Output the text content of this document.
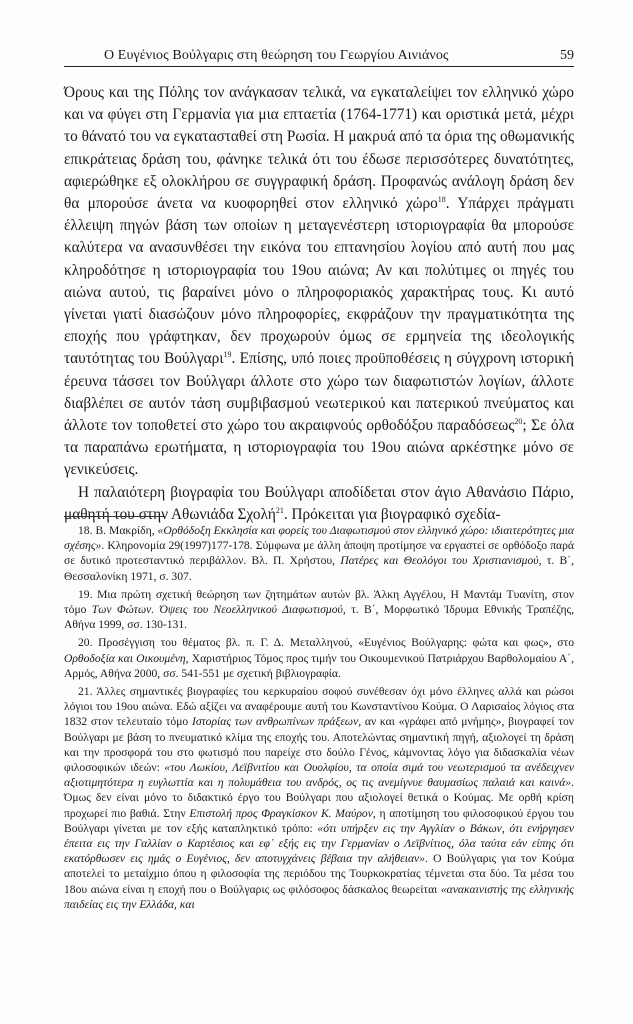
Ο Ευγένιος Βούλγαρις στη θεώρηση του Γεωργίου Αινιάνος	59

Όρους και της Πόλης τον ανάγκασαν τελικά, να εγκαταλείψει τον ελληνικό χώρο και να φύγει στη Γερμανία για μια επταετία (1764-1771) και οριστικά μετά, μέχρι το θάνατό του να εγκατασταθεί στη Ρωσία. Η μακρυά από τα όρια της οθωμανικής επικράτειας δράση του, φάνηκε τελικά ότι του έδωσε περισσότερες δυνατότητες, αφιερώθηκε εξ ολοκλήρου σε συγγραφική δράση. Προφανώς ανάλογη δράση δεν θα μπορούσε άνετα να κυοφορηθεί στον ελληνικό χώρο$^{18}$. Υπάρχει πράγματι έλλειψη πηγών βάση των οποίων η μεταγενέστερη ιστοριογραφία θα μπορούσε καλύτερα να ανασυνθέσει την εικόνα του επτανησίου λογίου από αυτή που μας κληροδότησε η ιστοριογραφία του 19ου αιώνα; Αν και πολύτιμες οι πηγές του αιώνα αυτού, τις βαραίνει μόνο ο πληροφοριακός χαρακτήρας τους. Κι αυτό γίνεται γιατί διασώζουν μόνο πληροφορίες, εκφράζουν την πραγματικότητα της εποχής που γράφτηκαν, δεν προχωρούν όμως σε ερμηνεία της ιδεολογικής ταυτότητας του Βούλγαρι$^{19}$. Επίσης, υπό ποιες προϋποθέσεις η σύγχρονη ιστορική έρευνα τάσσει τον Βούλγαρι άλλοτε στο χώρο των διαφωτιστών λογίων, άλλοτε διαβλέπει σε αυτόν τάση συμβιβασμού νεωτερικού και πατερικού πνεύματος και άλλοτε τον τοποθετεί στο χώρο του ακραιφνούς ορθοδόξου παραδόσεως$^{20}$; Σε όλα τα παραπάνω ερωτήματα, η ιστοριογραφία του 19ου αιώνα αρκέστηκε μόνο σε γενικεύσεις.

Η παλαιότερη βιογραφία του Βούλγαρι αποδίδεται στον άγιο Αθανάσιο Πάριο, μαθητή του στην Αθωνιάδα Σχολή$^{21}$. Πρόκειται για βιογραφικό σχεδία-

18. Β. Μακρίδη, «Ορθόδοξη Εκκλησία και φορείς του Διαφωτισμού στον ελληνικό χώρο: ιδιαιτερότητες μια σχέσης». Κληρονομία 29(1997)177-178. Σύμφωνα με άλλη άποψη προτίμησε να εργαστεί σε ορθόδοξο παρά σε δυτικό προτεσταντικό περιβάλλον. Βλ. Π. Χρήστου, Πατέρες και Θεολόγοι του Χριστιανισμού, τ. Β΄, Θεσσαλονίκη 1971, σ. 307.

19. Μια πρώτη σχετική θεώρηση των ζητημάτων αυτών βλ. Άλκη Αγγέλου, Η Μαντάμ Τυανίτη, στον τόμο Των Φώτων. Όψεις του Νεοελληνικού Διαφωτισμού, τ. Β΄, Μορφωτικό Ίδρυμα Εθνικής Τραπέζης, Αθήνα 1999, σσ. 130-131.

20. Προσέγγιση του θέματος βλ. π. Γ. Δ. Μεταλληνού, «Ευγένιος Βούλγαρης: φώτα και φως», στο Ορθοδοξία και Οικουμένη, Χαριστήριος Τόμος προς τιμήν του Οικουμενικού Πατριάρχου Βαρθολομαίου Α΄, Αρμός, Αθήνα 2000, σσ. 541-551 με σχετική βιβλιογραφία.

21. Άλλες σημαντικές βιογραφίες του κερκυραίου σοφού συνέθεσαν όχι μόνο έλληνες αλλά και ρώσοι λόγιοι του 19ου αιώνα. Εδώ αξίζει να αναφέρουμε αυτή του Κωνσταντίνου Κούμα. Ο Λαρισαίος λόγιος στα 1832 στον τελευταίο τόμο Ιστορίας των ανθρωπίνων πράξεων, αν και «γράφει από μνήμης», βιογραφεί τον Βούλγαρι με βάση το πνευματικό κλίμα της εποχής του. Αποτελώντας σημαντική πηγή, αξιολογεί τη δράση και την προσφορά του στο φωτισμό που παρείχε στο δούλο Γένος, κάμνοντας λόγο για διδασκαλία νέων φιλοσοφικών ιδεών: «του Λωκίου, Λεϊβνιτίου και Ουολφίου, τα οποία σιμά του νεωτερισμού τα ανέδειχνεν αξιοτιμητότερα η ευγλωττία και η πολυμάθεια του ανδρός, ος τις ανεμίγνυε θαυμασίως παλαιά και καινά». Όμως δεν είναι μόνο το διδακτικό έργο του Βούλγαρι που αξιολογεί θετικά ο Κούμας. Με ορθή κρίση προχωρεί πιο βαθιά. Στην Επιστολή προς Φραγκίσκον Κ. Μαύρον, η αποτίμηση του φιλοσοφικού έργου του Βούλγαρι γίνεται με τον εξής καταπληκτικό τρόπο: «ότι υπήρξεν εις την Αγγλίαν ο Βάκων, ότι ενήργησεν έπειτα εις την Γαλλίαν ο Καρτέσιος και εφ᾽ εξής εις την Γερμανίαν ο Λεϊβνίτιος, όλα ταύτα εάν είπης ότι εκατόρθωσεν εις ημάς ο Ευγένιος, δεν αποτυγχάνεις βέβαια την αλήθειαν». Ο Βούλγαρις για τον Κούμα αποτελεί το μεταίχμιο όπου η φιλοσοφία της περιόδου της Τουρκοκρατίας τέμνεται στα δύο. Τα μέσα του 18ου αιώνα είναι η εποχή που ο Βούλγαρις ως φιλόσοφος δάσκαλος θεωρείται «ανακαινιστής της ελληνικής παιδείας εις την Ελλάδα, και
